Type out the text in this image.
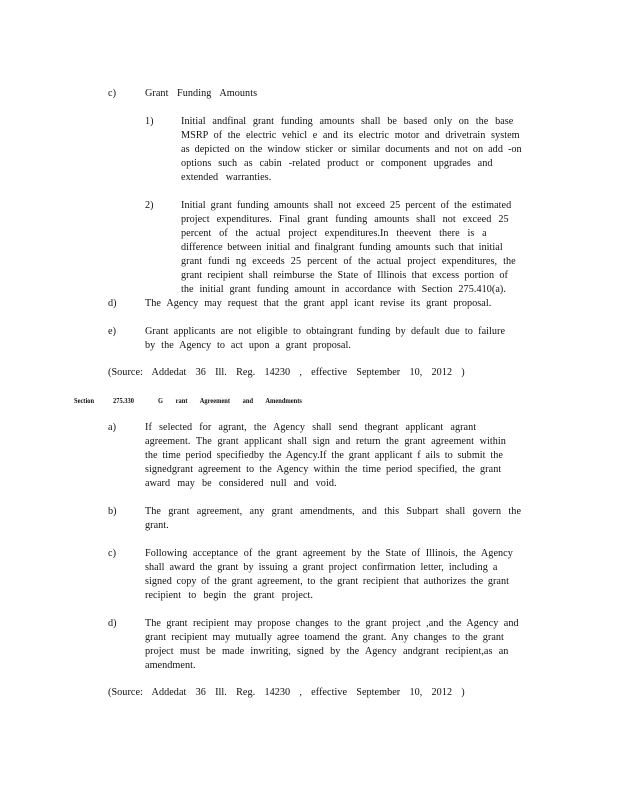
c)	Grant Funding Amounts
1)	Initial andfinal grant funding amounts shall be based only on the base
MSRP of the electric vehicl e and its electric motor and drivetrain system
as depicted on the window sticker or similar documents and not on add -on
options such as cabin -related product or component upgrades and
extended warranties.
2)	Initial grant funding amounts shall not exceed 25 percent of the estimated
project expenditures. Final grant funding amounts shall not exceed 25
percent of the actual project expenditures.In theevent there is a
difference between initial and finalgrant funding amounts such that initial
grant fundi ng exceeds 25 percent of the actual project expenditures, the
grant recipient shall reimburse the State of Illinois that excess portion of
the initial grant funding amount in accordance with Section 275.410(a).
d)	The Agency may request that the grant appl icant revise its grant proposal.
e)	Grant applicants are not eligible to obtaingrant funding by default due to failure
by the Agency to act upon a grant proposal.
(Source: Addedat 36 Ill. Reg. 14230 , effective September 10, 2012 )
Section	275.330	G rant Agreement and Amendments
a)	If selected for agrant, the Agency shall send thegrant applicant agrant
agreement. The grant applicant shall sign and return the grant agreement within
the time period specifiedby the Agency.If the grant applicant f ails to submit the
signedgrant agreement to the Agency within the time period specified, the grant
award may be considered null and void.
b)	The grant agreement, any grant amendments, and this Subpart shall govern the
grant.
c)	Following acceptance of the grant agreement by the State of Illinois, the Agency
shall award the grant by issuing a grant project confirmation letter, including a
signed copy of the grant agreement, to the grant recipient that authorizes the grant
recipient to begin the grant project.
d)	The grant recipient may propose changes to the grant project ,and the Agency and
grant recipient may mutually agree toamend the grant. Any changes to the grant
project must be made inwriting, signed by the Agency andgrant recipient,as an
amendment.
(Source: Addedat 36 Ill. Reg. 14230 , effective September 10, 2012 )
